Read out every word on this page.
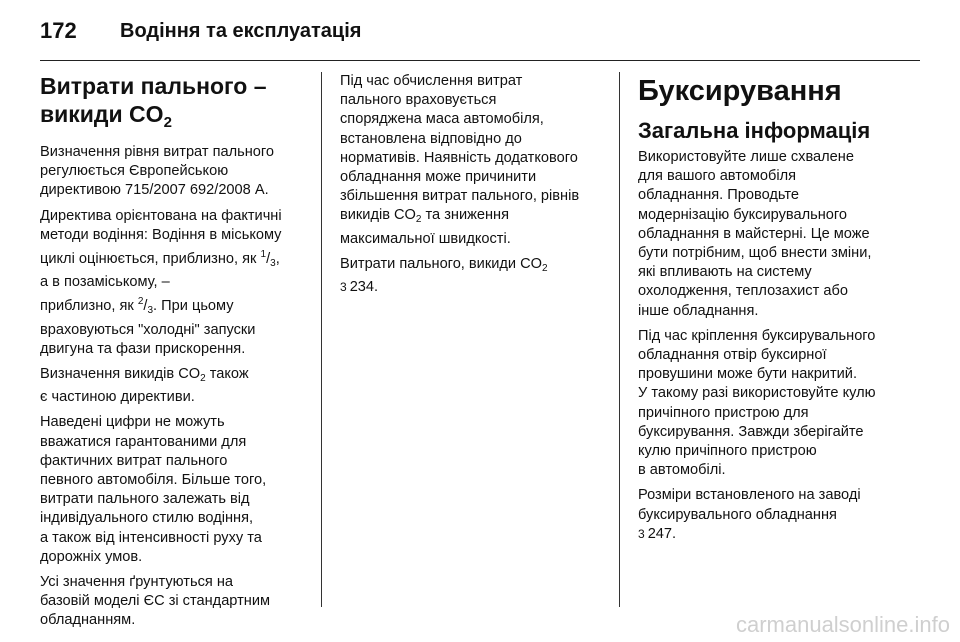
172	Водіння та експлуатація
Витрати пального –
викиди $CO_2$

Визначення рівня витрат пального
регулюється Європейською
директивою 715/2007 692/2008 A.

Директива орієнтована на фактичні
методи водіння: Водіння в міському
циклі оцінюється, приблизно, як $^1/_3$,
а в позаміському, –
приблизно, як $^2/_3$. При цьому
враховуються "холодні" запуски
двигуна та фази прискорення.

Визначення викидів $CO_2$ також
є частиною директиви.

Наведені цифри не можуть
вважатися гарантованими для
фактичних витрат пального
певного автомобіля. Більше того,
витрати пального залежать від
індивідуального стилю водіння,
а також від інтенсивності руху та
дорожніх умов.

Усі значення ґрунтуються на
базовій моделі ЄС зі стандартним
обладнанням.

Під час обчислення витрат
пального враховується
споряджена маса автомобіля,
встановлена відповідно до
нормативів. Наявність додаткового
обладнання може причинити
збільшення витрат пального, рівнів
викидів $CO_2$ та зниження
максимальної швидкості.

Витрати пального, викиди $CO_2$
3 234.

Буксирування
Загальна інформація

Використовуйте лише схвалене
для вашого автомобіля
обладнання. Проводьте
модернізацію буксирувального
обладнання в майстерні. Це може
бути потрібним, щоб внести зміни,
які впливають на систему
охолодження, теплозахист або
інше обладнання.

Під час кріплення буксирувального
обладнання отвір буксирної
провушини може бути накритий.
У такому разі використовуйте кулю
причіпного пристрою для
буксирування. Завжди зберігайте
кулю причіпного пристрою
в автомобілі.

Розміри встановленого на заводі
буксирувального обладнання
3 247.

carmanualsonline.info
